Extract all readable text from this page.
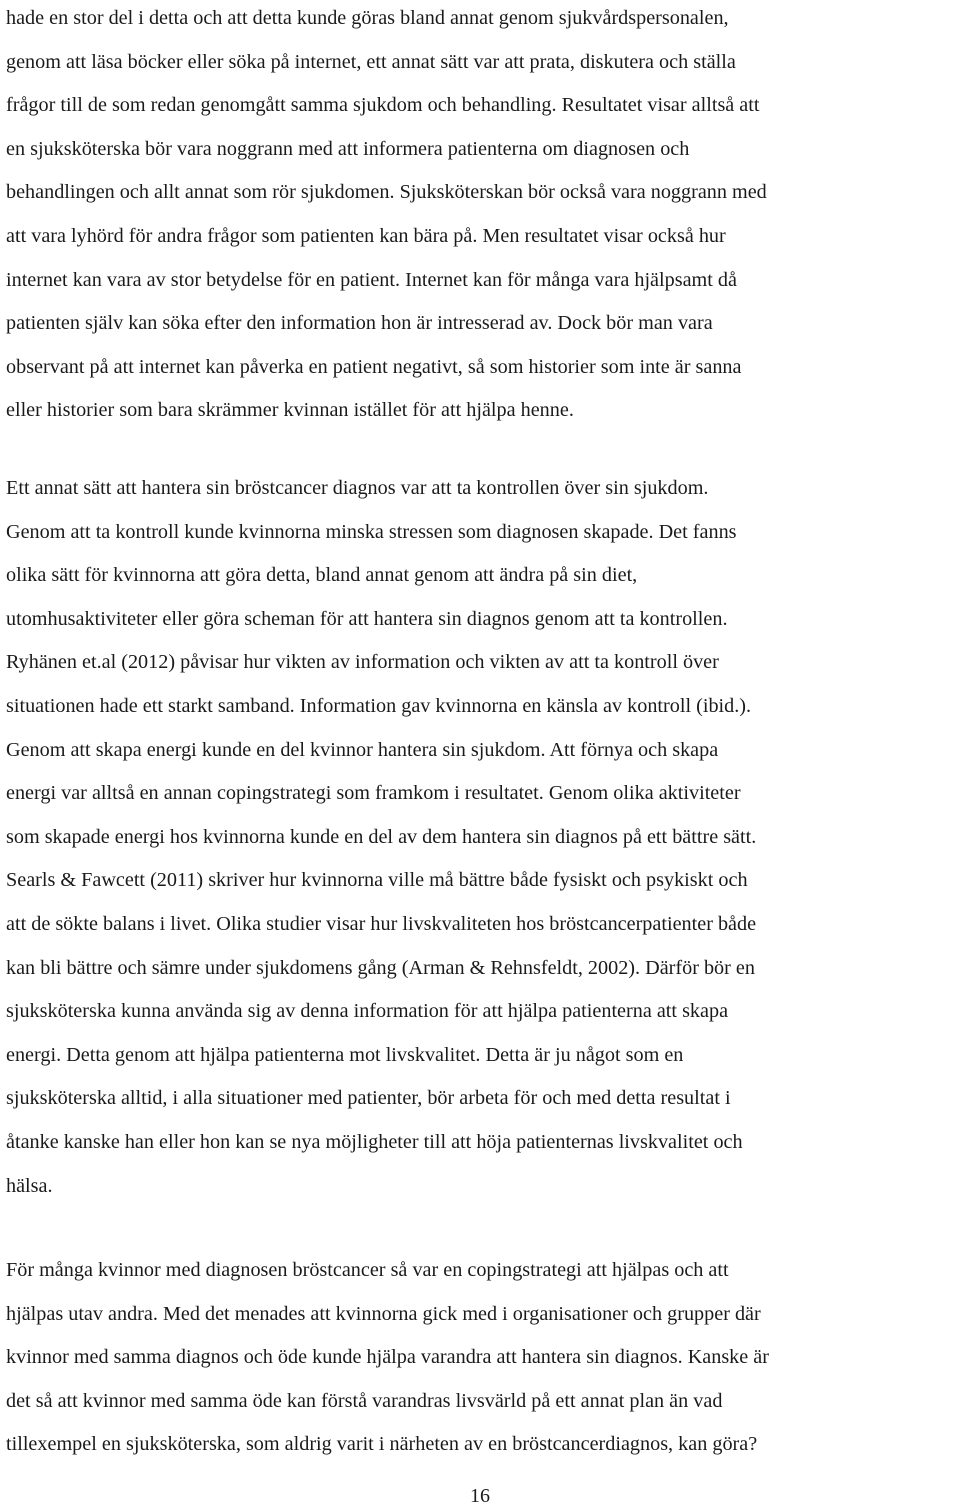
hade en stor del i detta och att detta kunde göras bland annat genom sjukvårdspersonalen,
genom att läsa böcker eller söka på internet, ett annat sätt var att prata, diskutera och ställa
frågor till de som redan genomgått samma sjukdom och behandling. Resultatet visar alltså att
en sjuksköterska bör vara noggrann med att informera patienterna om diagnosen och
behandlingen och allt annat som rör sjukdomen. Sjuksköterskan bör också vara noggrann med
att vara lyhörd för andra frågor som patienten kan bära på. Men resultatet visar också hur
internet kan vara av stor betydelse för en patient. Internet kan för många vara hjälpsamt då
patienten själv kan söka efter den information hon är intresserad av. Dock bör man vara
observant på att internet kan påverka en patient negativt, så som historier som inte är sanna
eller historier som bara skrämmer kvinnan istället för att hjälpa henne.
Ett annat sätt att hantera sin bröstcancer diagnos var att ta kontrollen över sin sjukdom.
Genom att ta kontroll kunde kvinnorna minska stressen som diagnosen skapade. Det fanns
olika sätt för kvinnorna att göra detta, bland annat genom att ändra på sin diet,
utomhusaktiviteter eller göra scheman för att hantera sin diagnos genom att ta kontrollen.
Ryhänen et.al (2012) påvisar hur vikten av information och vikten av att ta kontroll över
situationen hade ett starkt samband. Information gav kvinnorna en känsla av kontroll (ibid.).
Genom att skapa energi kunde en del kvinnor hantera sin sjukdom. Att förnya och skapa
energi var alltså en annan copingstrategi som framkom i resultatet. Genom olika aktiviteter
som skapade energi hos kvinnorna kunde en del av dem hantera sin diagnos på ett bättre sätt.
Searls & Fawcett (2011) skriver hur kvinnorna ville må bättre både fysiskt och psykiskt och
att de sökte balans i livet. Olika studier visar hur livskvaliteten hos bröstcancerpatienter både
kan bli bättre och sämre under sjukdomens gång (Arman & Rehnsfeldt, 2002). Därför bör en
sjuksköterska kunna använda sig av denna information för att hjälpa patienterna att skapa
energi. Detta genom att hjälpa patienterna mot livskvalitet. Detta är ju något som en
sjuksköterska alltid, i alla situationer med patienter, bör arbeta för och med detta resultat i
åtanke kanske han eller hon kan se nya möjligheter till att höja patienternas livskvalitet och
hälsa.
För många kvinnor med diagnosen bröstcancer så var en copingstrategi att hjälpas och att
hjälpas utav andra. Med det menades att kvinnorna gick med i organisationer och grupper där
kvinnor med samma diagnos och öde kunde hjälpa varandra att hantera sin diagnos. Kanske är
det så att kvinnor med samma öde kan förstå varandras livsvärld på ett annat plan än vad
tillexempel en sjuksköterska, som aldrig varit i närheten av en bröstcancerdiagnos, kan göra?
16
